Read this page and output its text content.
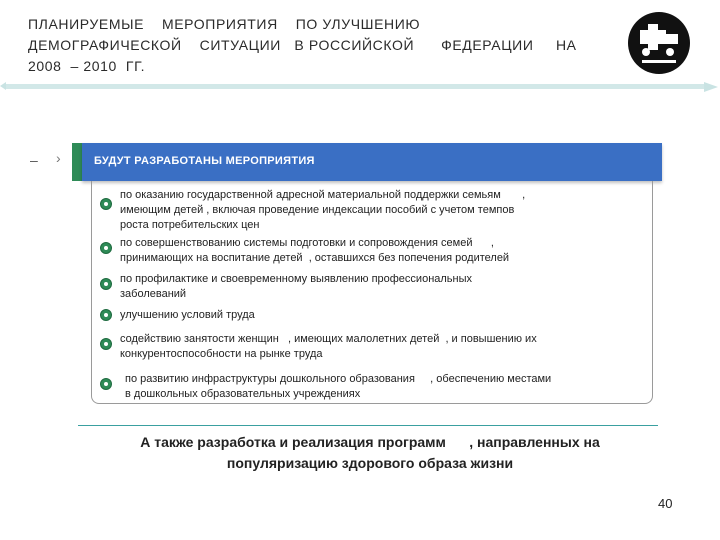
ПЛАНИРУЕМЫЕ    МЕРОПРИЯТИЯ    ПО УЛУЧШЕНИЮ
ДЕМОГРАФИЧЕСКОЙ    СИТУАЦИИ   В РОССИЙСКОЙ      ФЕДЕРАЦИИ     НА
2008  – 2010  ГГ.
– ›	БУДУТ РАЗРАБОТАНЫ МЕРОПРИЯТИЯ
по оказанию государственной адресной материальной поддержки семьям       ,
имеющим детей , включая проведение индексации пособий с учетом темпов
роста потребительских цен
по совершенствованию системы подготовки и сопровождения семей      ,
принимающих на воспитание детей  , оставшихся без попечения родителей
по профилактике и своевременному выявлению профессиональных
заболеваний
улучшению условий труда
содействию занятости женщин   , имеющих малолетних детей  , и повышению их
конкурентоспособности на рынке труда
по развитию инфраструктуры дошкольного образования     , обеспечению местами
в дошкольных образовательных учреждениях
А также разработка и реализация программ      , направленных на
популяризацию здорового образа жизни
40
